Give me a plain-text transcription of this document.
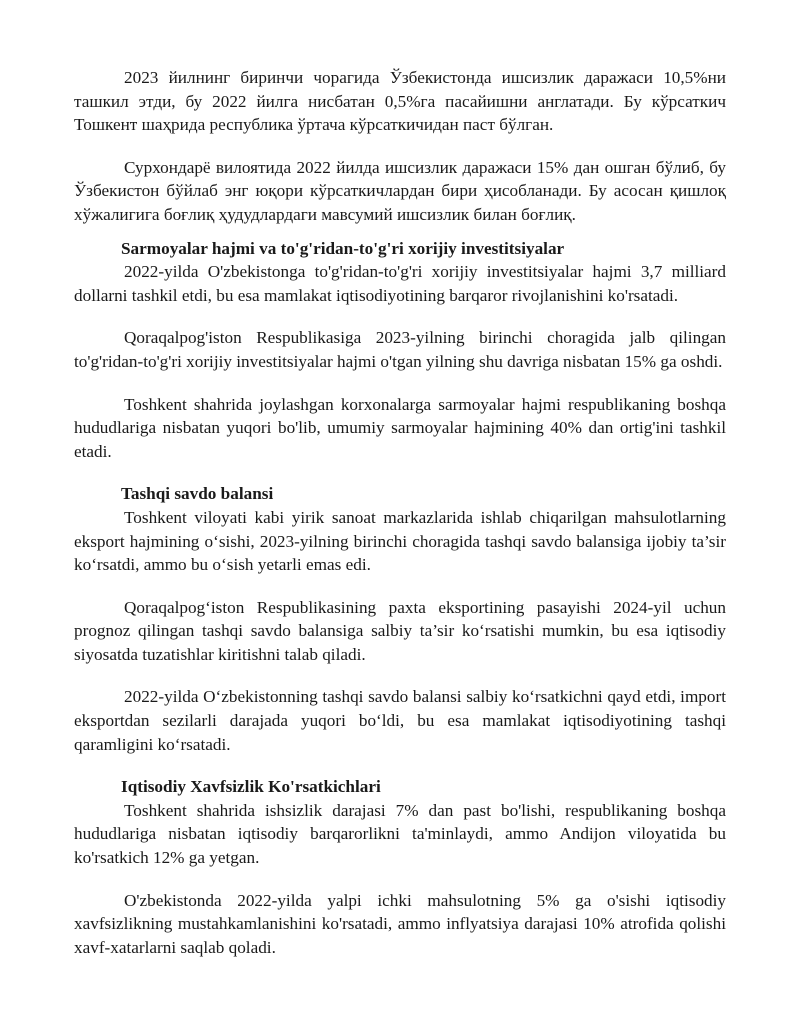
2023 йилнинг биринчи чорагида Ўзбекистонда ишсизлик даражаси 10,5%ни ташкил этди, бу 2022 йилга нисбатан 0,5%га пасайишни англатади. Бу кўрсаткич Тошкент шаҳрида республика ўртача кўрсаткичидан паст бўлган.

Сурхондарё вилоятида 2022 йилда ишсизлик даражаси 15% дан ошган бўлиб, бу Ўзбекистон бўйлаб энг юқори кўрсаткичлардан бири ҳисобланади. Бу асосан қишлоқ хўжалигига боғлиқ ҳудудлардаги мавсумий ишсизлик билан боғлиқ.

Sarmoyalar hajmi va to'g'ridan-to'g'ri xorijiy investitsiyalar

2022-yilda O'zbekistonga to'g'ridan-to'g'ri xorijiy investitsiyalar hajmi 3,7 milliard dollarni tashkil etdi, bu esa mamlakat iqtisodiyotining barqaror rivojlanishini ko'rsatadi.

Qoraqalpog'iston Respublikasiga 2023-yilning birinchi choragida jalb qilingan to'g'ridan-to'g'ri xorijiy investitsiyalar hajmi o'tgan yilning shu davriga nisbatan 15% ga oshdi.

Toshkent shahrida joylashgan korxonalarga sarmoyalar hajmi respublikaning boshqa hududlariga nisbatan yuqori bo'lib, umumiy sarmoyalar hajmining 40% dan ortig'ini tashkil etadi.

Tashqi savdo balansi

Toshkent viloyati kabi yirik sanoat markazlarida ishlab chiqarilgan mahsulotlarning eksport hajmining o‘sishi, 2023-yilning birinchi choragida tashqi savdo balansiga ijobiy ta’sir ko‘rsatdi, ammo bu o‘sish yetarli emas edi.

Qoraqalpog‘iston Respublikasining paxta eksportining pasayishi 2024-yil uchun prognoz qilingan tashqi savdo balansiga salbiy ta’sir ko‘rsatishi mumkin, bu esa iqtisodiy siyosatda tuzatishlar kiritishni talab qiladi.

2022-yilda O‘zbekistonning tashqi savdo balansi salbiy ko‘rsatkichni qayd etdi, import eksportdan sezilarli darajada yuqori bo‘ldi, bu esa mamlakat iqtisodiyotining tashqi qaramligini ko‘rsatadi.

Iqtisodiy Xavfsizlik Ko'rsatkichlari

Toshkent shahrida ishsizlik darajasi 7% dan past bo'lishi, respublikaning boshqa hududlariga nisbatan iqtisodiy barqarorlikni ta'minlaydi, ammo Andijon viloyatida bu ko'rsatkich 12% ga yetgan.

O'zbekistonda 2022-yilda yalpi ichki mahsulotning 5% ga o'sishi iqtisodiy xavfsizlikning mustahkamlanishini ko'rsatadi, ammo inflyatsiya darajasi 10% atrofida qolishi xavf-xatarlarni saqlab qoladi.
